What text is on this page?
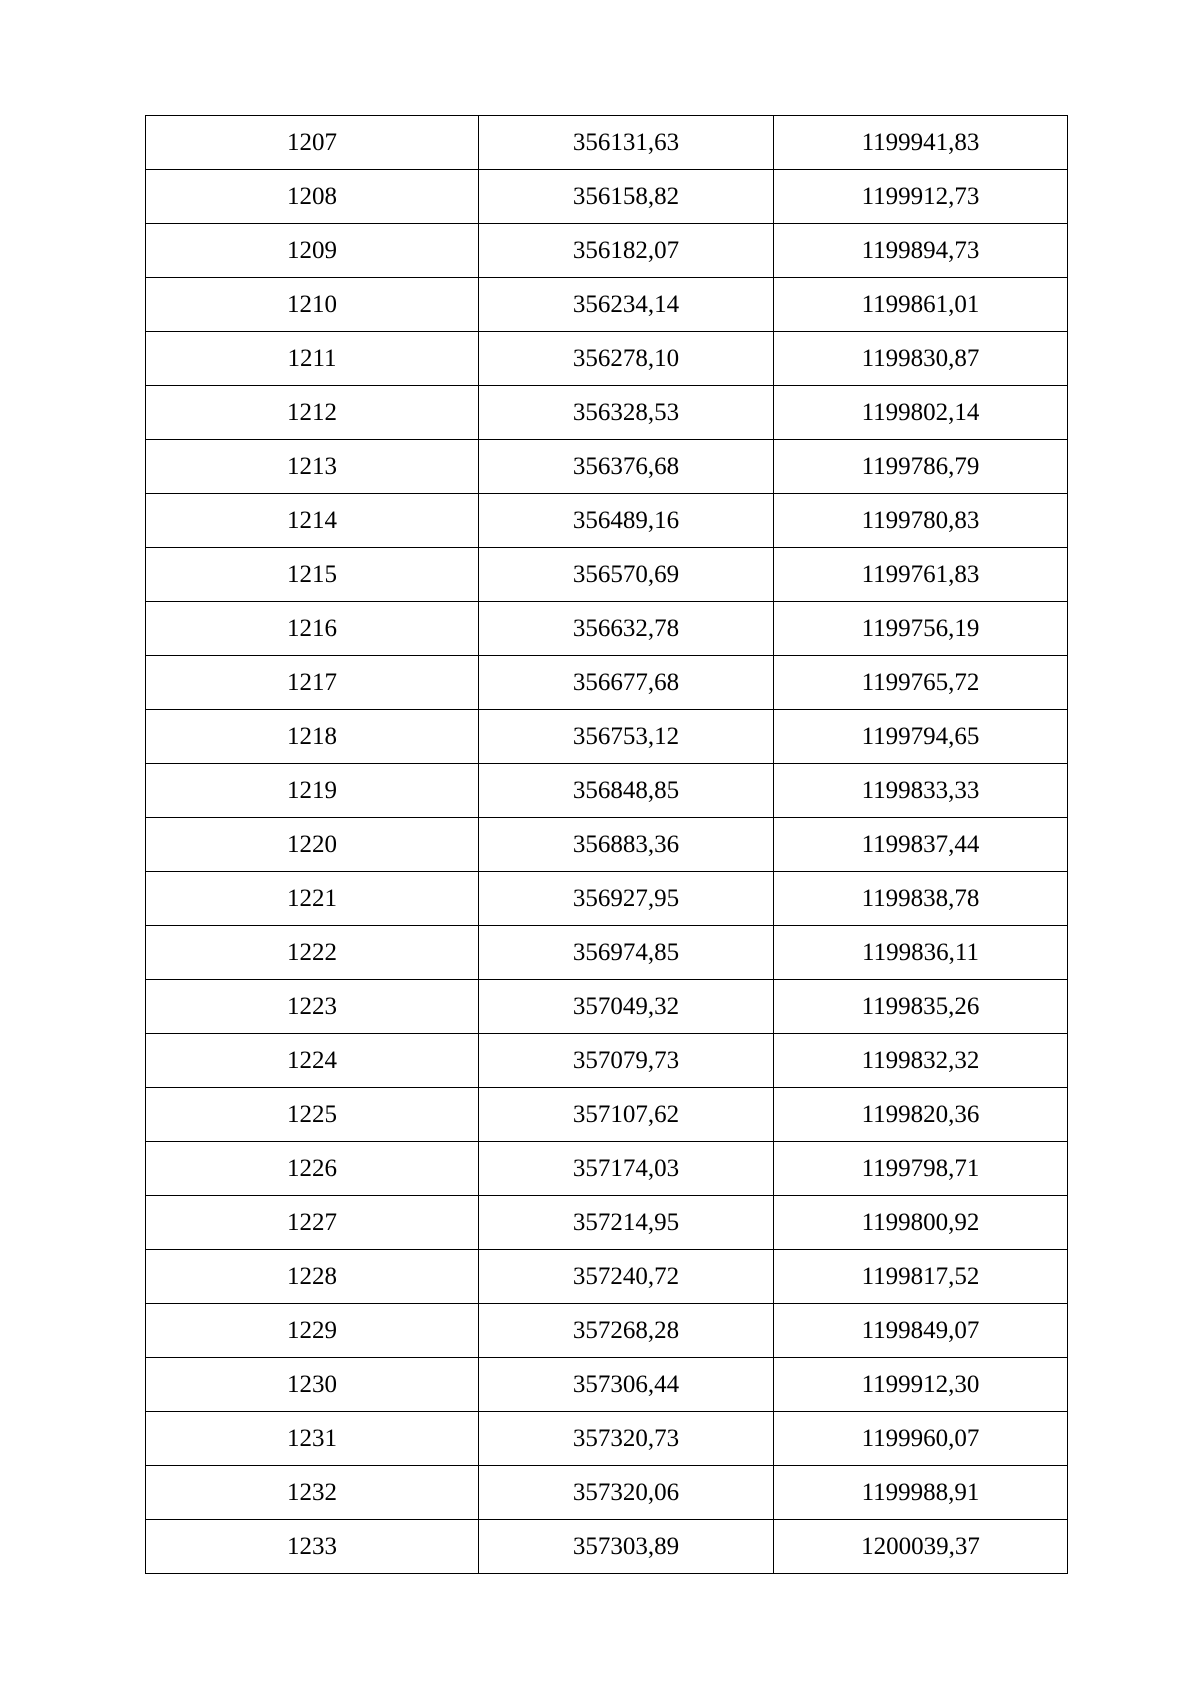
1207	356131,63	1199941,83
1208	356158,82	1199912,73
1209	356182,07	1199894,73
1210	356234,14	1199861,01
1211	356278,10	1199830,87
1212	356328,53	1199802,14
1213	356376,68	1199786,79
1214	356489,16	1199780,83
1215	356570,69	1199761,83
1216	356632,78	1199756,19
1217	356677,68	1199765,72
1218	356753,12	1199794,65
1219	356848,85	1199833,33
1220	356883,36	1199837,44
1221	356927,95	1199838,78
1222	356974,85	1199836,11
1223	357049,32	1199835,26
1224	357079,73	1199832,32
1225	357107,62	1199820,36
1226	357174,03	1199798,71
1227	357214,95	1199800,92
1228	357240,72	1199817,52
1229	357268,28	1199849,07
1230	357306,44	1199912,30
1231	357320,73	1199960,07
1232	357320,06	1199988,91
1233	357303,89	1200039,37
